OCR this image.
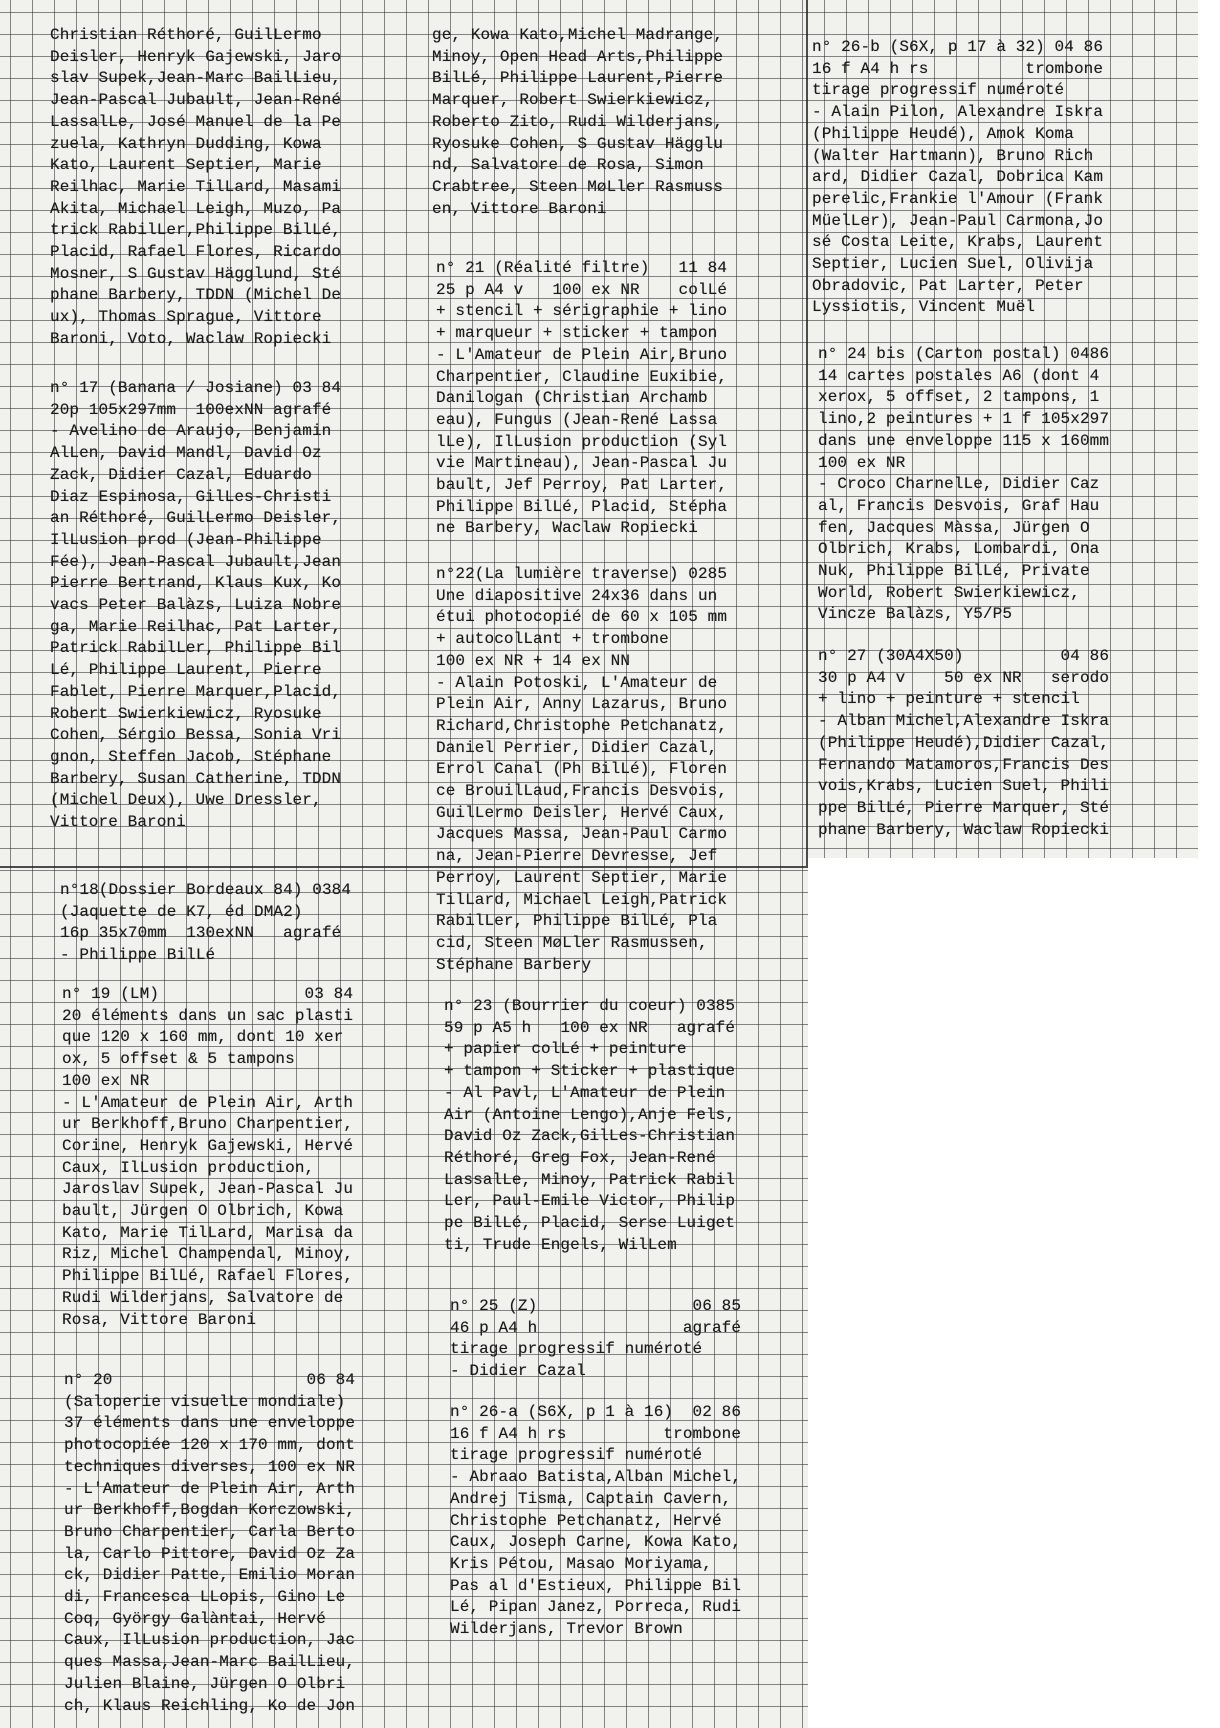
Christian Réthoré, GuilLermo
Deisler, Henryk Gajewski, Jaro
slav Supek,Jean-Marc BailLieu,
Jean-Pascal Jubault, Jean-René
LassalLe, José Manuel de la Pe
zuela, Kathryn Dudding, Kowa
Kato, Laurent Septier, Marie
Reilhac, Marie TilLard, Masami
Akita, Michael Leigh, Muzo, Pa
trick RabilLer,Philippe BilLé,
Placid, Rafael Flores, Ricardo
Mosner, S Gustav Hägglund, Sté
phane Barbery, TDDN (Michel De
ux), Thomas Sprague, Vittore
Baroni, Voto, Waclaw Ropiecki
n° 17 (Banana / Josiane) 03 84
20p 105x297mm  100exNN agrafé
- Avelino de Araujo, Benjamin
AlLen, David Mandl, David Oz
Zack, Didier Cazal, Eduardo
Diaz Espinosa, GilLes-Christi
an Réthoré, GuilLermo Deisler,
IlLusion prod (Jean-Philippe
Fée), Jean-Pascal Jubault,Jean
Pierre Bertrand, Klaus Kux, Ko
vacs Peter Balàzs, Luiza Nobre
ga, Marie Reilhac, Pat Larter,
Patrick RabilLer, Philippe Bil
Lé, Philippe Laurent, Pierre
Fablet, Pierre Marquer,Placid,
Robert Swierkiewicz, Ryosuke
Cohen, Sérgio Bessa, Sonia Vri
gnon, Steffen Jacob, Stéphane
Barbery, Susan Catherine, TDDN
(Michel Deux), Uwe Dressler,
Vittore Baroni
n°18(Dossier Bordeaux 84) 0384
(Jaquette de K7, éd DMA2)
16p 35x70mm  130exNN   agrafé
- Philippe BilLé
n° 19 (LM)               03 84
20 éléments dans un sac plasti
que 120 x 160 mm, dont 10 xer
ox, 5 offset & 5 tampons
100 ex NR
- L'Amateur de Plein Air, Arth
ur Berkhoff,Bruno Charpentier,
Corine, Henryk Gajewski, Hervé
Caux, IlLusion production,
Jaroslav Supek, Jean-Pascal Ju
bault, Jürgen O Olbrich, Kowa
Kato, Marie TilLard, Marisa da
Riz, Michel Champendal, Minoy,
Philippe BilLé, Rafael Flores,
Rudi Wilderjans, Salvatore de
Rosa, Vittore Baroni
n° 20                    06 84
(Saloperie visuelLe mondiale)
37 éléments dans une enveloppe
photocopiée 120 x 170 mm, dont
techniques diverses, 100 ex NR
- L'Amateur de Plein Air, Arth
ur Berkhoff,Bogdan Korczowski,
Bruno Charpentier, Carla Berto
la, Carlo Pittore, David Oz Za
ck, Didier Patte, Emilio Moran
di, Francesca LLopis, Gino Le
Coq, György Galàntai, Hervé
Caux, IlLusion production, Jac
ques Massa,Jean-Marc BailLieu,
Julien Blaine, Jürgen O Olbri
ch, Klaus Reichling, Ko de Jon
ge, Kowa Kato,Michel Madrange,
Minoy, Open Head Arts,Philippe
BilLé, Philippe Laurent,Pierre
Marquer, Robert Swierkiewicz,
Roberto Zito, Rudi Wilderjans,
Ryosuke Cohen, S Gustav Hägglu
nd, Salvatore de Rosa, Simon
Crabtree, Steen MøLler Rasmuss
en, Vittore Baroni
n° 21 (Réalité filtre)   11 84
25 p A4 v   100 ex NR    colLé
+ stencil + sérigraphie + lino
+ marqueur + sticker + tampon
- L'Amateur de Plein Air,Bruno
Charpentier, Claudine Euxibie,
Danilogan (Christian Archamb
eau), Fungus (Jean-René Lassa
lLe), IlLusion production (Syl
vie Martineau), Jean-Pascal Ju
bault, Jef Perroy, Pat Larter,
Philippe BilLé, Placid, Stépha
ne Barbery, Waclaw Ropiecki
n°22(La lumière traverse) 0285
Une diapositive 24x36 dans un
étui photocopié de 60 x 105 mm
+ autocolLant + trombone
100 ex NR + 14 ex NN
- Alain Potoski, L'Amateur de
Plein Air, Anny Lazarus, Bruno
Richard,Christophe Petchanatz,
Daniel Perrier, Didier Cazal,
Errol Canal (Ph BilLé), Floren
ce BrouilLaud,Francis Desvois,
GuilLermo Deisler, Hervé Caux,
Jacques Massa, Jean-Paul Carmo
na, Jean-Pierre Devresse, Jef
Perroy, Laurent Septier, Marie
TilLard, Michael Leigh,Patrick
RabilLer, Philippe BilLé, Pla
cid, Steen MøLler Rasmussen,
Stéphane Barbery
n° 23 (Bourrier du coeur) 0385
59 p A5 h   100 ex NR   agrafé
+ papier colLé + peinture
+ tampon + Sticker + plastique
- Al Pavl, L'Amateur de Plein
Air (Antoine Lengo),Anje Fels,
David Oz Zack,GilLes-Christian
Réthoré, Greg Fox, Jean-René
LassalLe, Minoy, Patrick Rabil
Ler, Paul-Emile Victor, Philip
pe BilLé, Placid, Serse Luiget
ti, Trude Engels, WilLem
n° 25 (Z)                06 85
46 p A4 h               agrafé
tirage progressif numéroté
- Didier Cazal
n° 26-a (S6X, p 1 à 16)  02 86
16 f A4 h rs          trombone
tirage progressif numéroté
- Abraao Batista,Alban Michel,
Andrej Tisma, Captain Cavern,
Christophe Petchanatz, Hervé
Caux, Joseph Carne, Kowa Kato,
Kris Pétou, Masao Moriyama,
Pas al d'Estieux, Philippe Bil
Lé, Pipan Janez, Porreca, Rudi
Wilderjans, Trevor Brown
n° 26-b (S6X, p 17 à 32) 04 86
16 f A4 h rs          trombone
tirage progressif numéroté
- Alain Pilon, Alexandre Iskra
(Philippe Heudé), Amok Koma
(Walter Hartmann), Bruno Rich
ard, Didier Cazal, Dobrica Kam
perelic,Frankie l'Amour (Frank
MüelLer), Jean-Paul Carmona,Jo
sé Costa Leite, Krabs, Laurent
Septier, Lucien Suel, Olivija
Obradovic, Pat Larter, Peter
Lyssiotis, Vincent Muël
n° 24 bis (Carton postal) 0486
14 cartes postales A6 (dont 4
xerox, 5 offset, 2 tampons, 1
lino,2 peintures + 1 f 105x297
dans une enveloppe 115 x 160mm
100 ex NR
- Croco CharnelLe, Didier Caz
al, Francis Desvois, Graf Hau
fen, Jacques Màssa, Jürgen O
Olbrich, Krabs, Lombardi, Ona
Nuk, Philippe BilLé, Private
World, Robert Swierkiewicz,
Vincze Balàzs, Y5/P5
n° 27 (30A4X50)          04 86
30 p A4 v    50 ex NR   serodo
+ lino + peinture + stencil
- Alban Michel,Alexandre Iskra
(Philippe Heudé),Didier Cazal,
Fernando Matamoros,Francis Des
vois,Krabs, Lucien Suel, Phili
ppe BilLé, Pierre Marquer, Sté
phane Barbery, Waclaw Ropiecki
